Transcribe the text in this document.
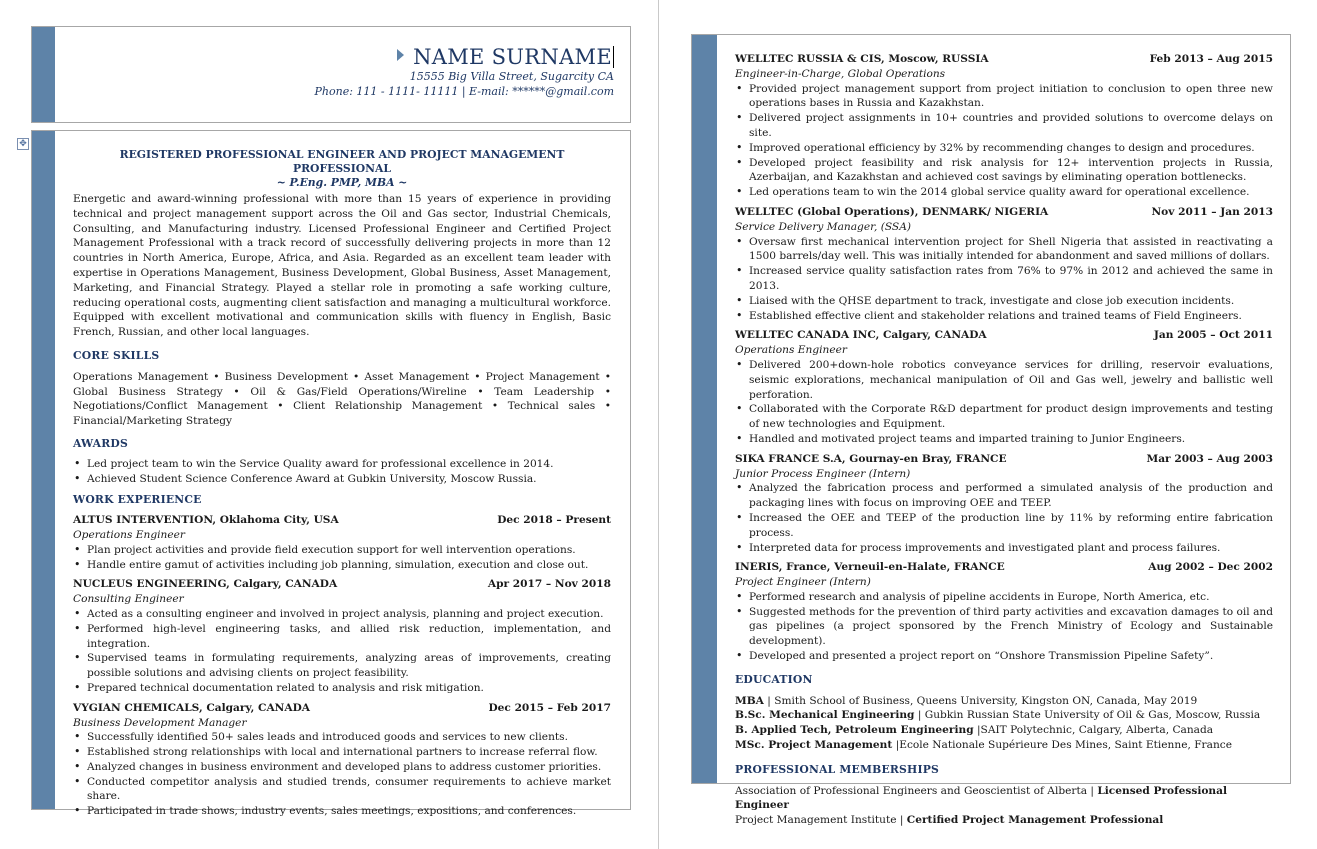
NAME SURNAME
15555 Big Villa Street, Sugarcity CA
Phone: 111 - 1111- 11111 | E-mail: ******@gmail.com
✥
REGISTERED PROFESSIONAL ENGINEER AND PROJECT MANAGEMENT PROFESSIONAL
~ P.Eng. PMP, MBA ~
Energetic and award-winning professional with more than 15 years of experience in providing technical and project management support across the Oil and Gas sector, Industrial Chemicals, Consulting, and Manufacturing industry. Licensed Professional Engineer and Certified Project Management Professional with a track record of successfully delivering projects in more than 12 countries in North America, Europe, Africa, and Asia. Regarded as an excellent team leader with expertise in Operations Management, Business Development, Global Business, Asset Management, Marketing, and Financial Strategy. Played a stellar role in promoting a safe working culture, reducing operational costs, augmenting client satisfaction and managing a multicultural workforce. Equipped with excellent motivational and communication skills with fluency in English, Basic French, Russian, and other local languages.
CORE SKILLS
Operations Management • Business Development • Asset Management • Project Management • Global Business Strategy • Oil & Gas/Field Operations/Wireline • Team Leadership • Negotiations/Conflict Management • Client Relationship Management • Technical sales • Financial/Marketing Strategy
AWARDS
• Led project team to win the Service Quality award for professional excellence in 2014.
• Achieved Student Science Conference Award at Gubkin University, Moscow Russia.
WORK EXPERIENCE
ALTUS INTERVENTION, Oklahoma City, USA	Dec 2018 – Present
Operations Engineer
• Plan project activities and provide field execution support for well intervention operations.
• Handle entire gamut of activities including job planning, simulation, execution and close out.
NUCLEUS ENGINEERING, Calgary, CANADA	Apr 2017 – Nov 2018
Consulting Engineer
• Acted as a consulting engineer and involved in project analysis, planning and project execution.
• Performed high-level engineering tasks, and allied risk reduction, implementation, and integration.
• Supervised teams in formulating requirements, analyzing areas of improvements, creating possible solutions and advising clients on project feasibility.
• Prepared technical documentation related to analysis and risk mitigation.
VYGIAN CHEMICALS, Calgary, CANADA	Dec 2015 – Feb 2017
Business Development Manager
• Successfully identified 50+ sales leads and introduced goods and services to new clients.
• Established strong relationships with local and international partners to increase referral flow.
• Analyzed changes in business environment and developed plans to address customer priorities.
• Conducted competitor analysis and studied trends, consumer requirements to achieve market share.
• Participated in trade shows, industry events, sales meetings, expositions, and conferences.
WELLTEC RUSSIA & CIS, Moscow, RUSSIA	Feb 2013 – Aug 2015
Engineer-in-Charge, Global Operations
• Provided project management support from project initiation to conclusion to open three new operations bases in Russia and Kazakhstan.
• Delivered project assignments in 10+ countries and provided solutions to overcome delays on site.
• Improved operational efficiency by 32% by recommending changes to design and procedures.
• Developed project feasibility and risk analysis for 12+ intervention projects in Russia, Azerbaijan, and Kazakhstan and achieved cost savings by eliminating operation bottlenecks.
• Led operations team to win the 2014 global service quality award for operational excellence.
WELLTEC (Global Operations), DENMARK/ NIGERIA	Nov 2011 – Jan 2013
Service Delivery Manager, (SSA)
• Oversaw first mechanical intervention project for Shell Nigeria that assisted in reactivating a 1500 barrels/day well. This was initially intended for abandonment and saved millions of dollars.
• Increased service quality satisfaction rates from 76% to 97% in 2012 and achieved the same in 2013.
• Liaised with the QHSE department to track, investigate and close job execution incidents.
• Established effective client and stakeholder relations and trained teams of Field Engineers.
WELLTEC CANADA INC, Calgary, CANADA	Jan 2005 – Oct 2011
Operations Engineer
• Delivered 200+down-hole robotics conveyance services for drilling, reservoir evaluations, seismic explorations, mechanical manipulation of Oil and Gas well, jewelry and ballistic well perforation.
• Collaborated with the Corporate R&D department for product design improvements and testing of new technologies and Equipment.
• Handled and motivated project teams and imparted training to Junior Engineers.
SIKA FRANCE S.A, Gournay-en Bray, FRANCE	Mar 2003 – Aug 2003
Junior Process Engineer (Intern)
• Analyzed the fabrication process and performed a simulated analysis of the production and packaging lines with focus on improving OEE and TEEP.
• Increased the OEE and TEEP of the production line by 11% by reforming entire fabrication process.
• Interpreted data for process improvements and investigated plant and process failures.
INERIS, France, Verneuil-en-Halate, FRANCE	Aug 2002 – Dec 2002
Project Engineer (Intern)
• Performed research and analysis of pipeline accidents in Europe, North America, etc.
• Suggested methods for the prevention of third party activities and excavation damages to oil and gas pipelines (a project sponsored by the French Ministry of Ecology and Sustainable development).
• Developed and presented a project report on “Onshore Transmission Pipeline Safety”.
EDUCATION
MBA | Smith School of Business, Queens University, Kingston ON, Canada, May 2019
B.Sc. Mechanical Engineering | Gubkin Russian State University of Oil & Gas, Moscow, Russia
B. Applied Tech, Petroleum Engineering |SAIT Polytechnic, Calgary, Alberta, Canada
MSc. Project Management |Ecole Nationale Supérieure Des Mines, Saint Etienne, France
PROFESSIONAL MEMBERSHIPS
Association of Professional Engineers and Geoscientist of Alberta | Licensed Professional Engineer
Project Management Institute | Certified Project Management Professional
